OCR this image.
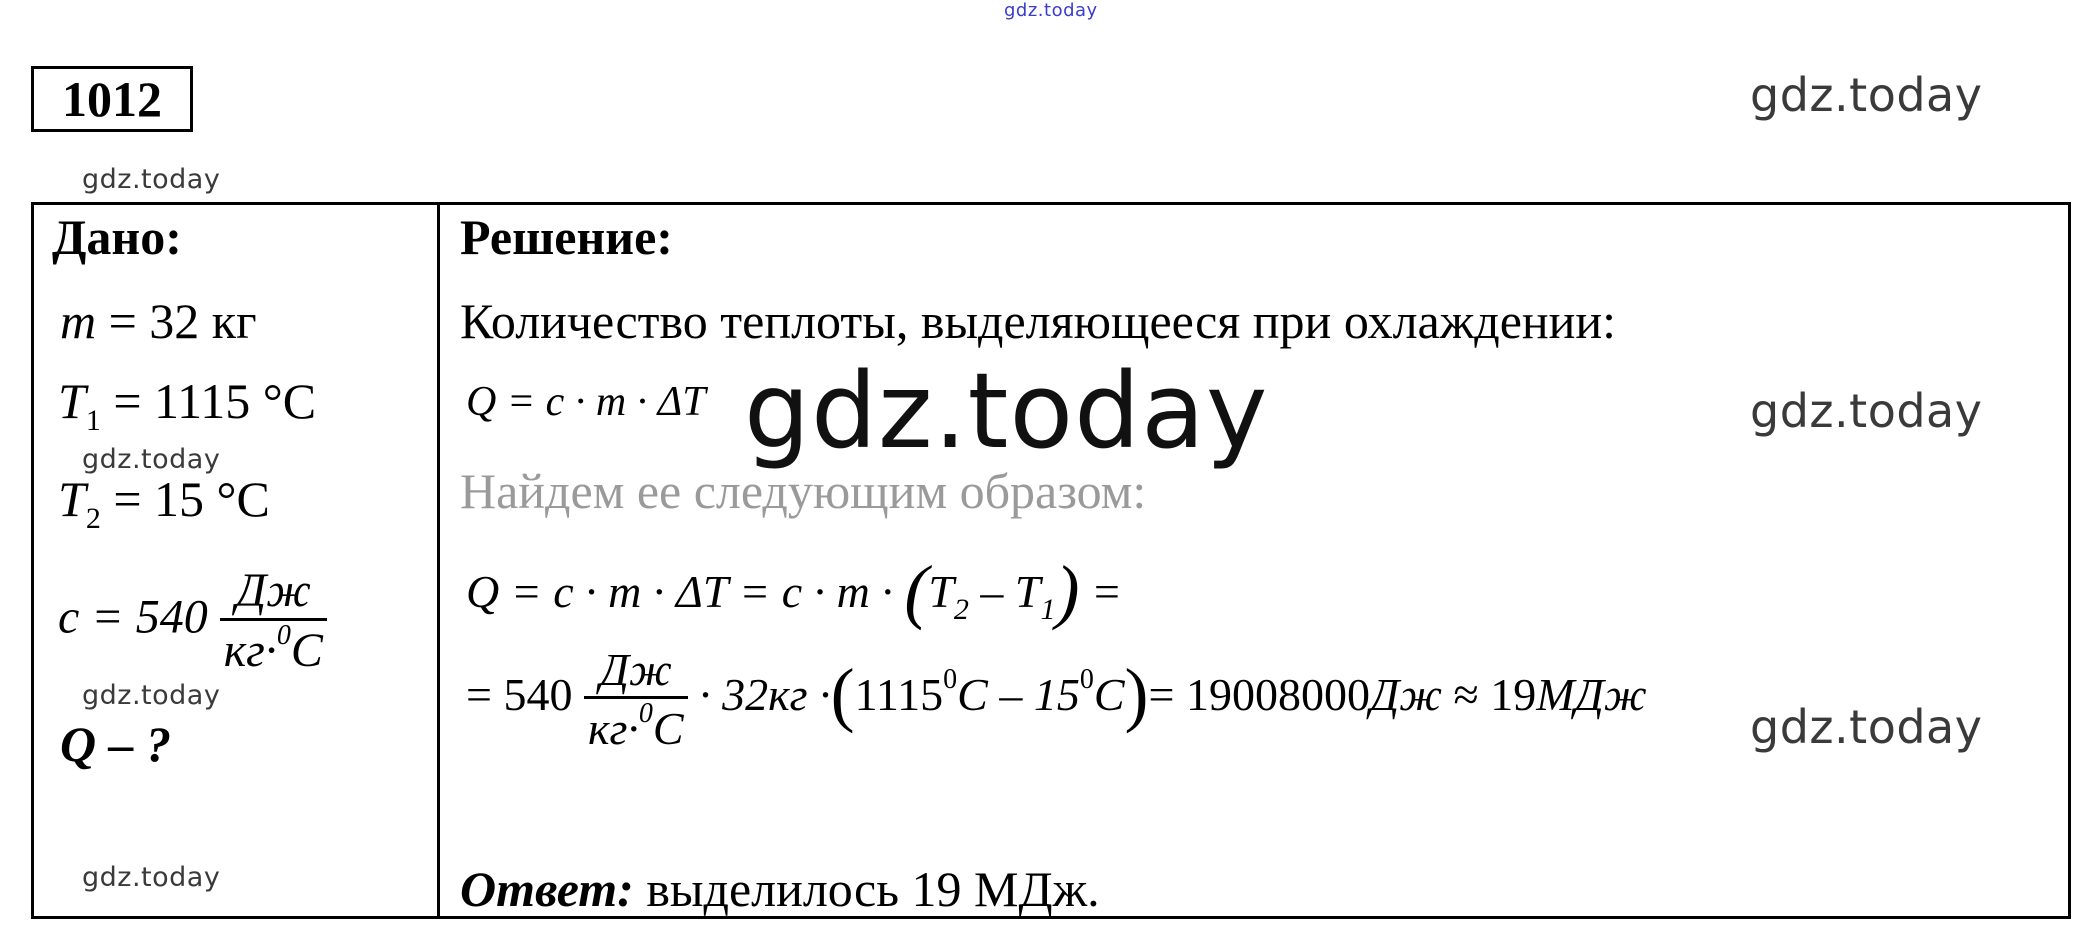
gdz.today
gdz.today
gdz.today
gdz.today
gdz.today
gdz.today
gdz.today
gdz.today
1012
Дано:
m = 32 кг
$T_1 = 1115$ °C
$T_2 = 15$ °C
$c = 540 \frac{Дж}{кг\cdot^0C}$
Q – ?
Решение:
Количество теплоты, выделяющееся при охлаждении:
Q = c · m · ΔT gdz.today
Найдем ее следующим образом:
$Q = c \cdot m \cdot \Delta T = c \cdot m \cdot (T_2 - T_1)$ =
= $540 \frac{Дж}{кг\cdot^0C} \cdot 32кг \cdot(1115^0C - 15^0C)= 19008000Дж \approx 19МДж$
Ответ: выделилось 19 МДж.
